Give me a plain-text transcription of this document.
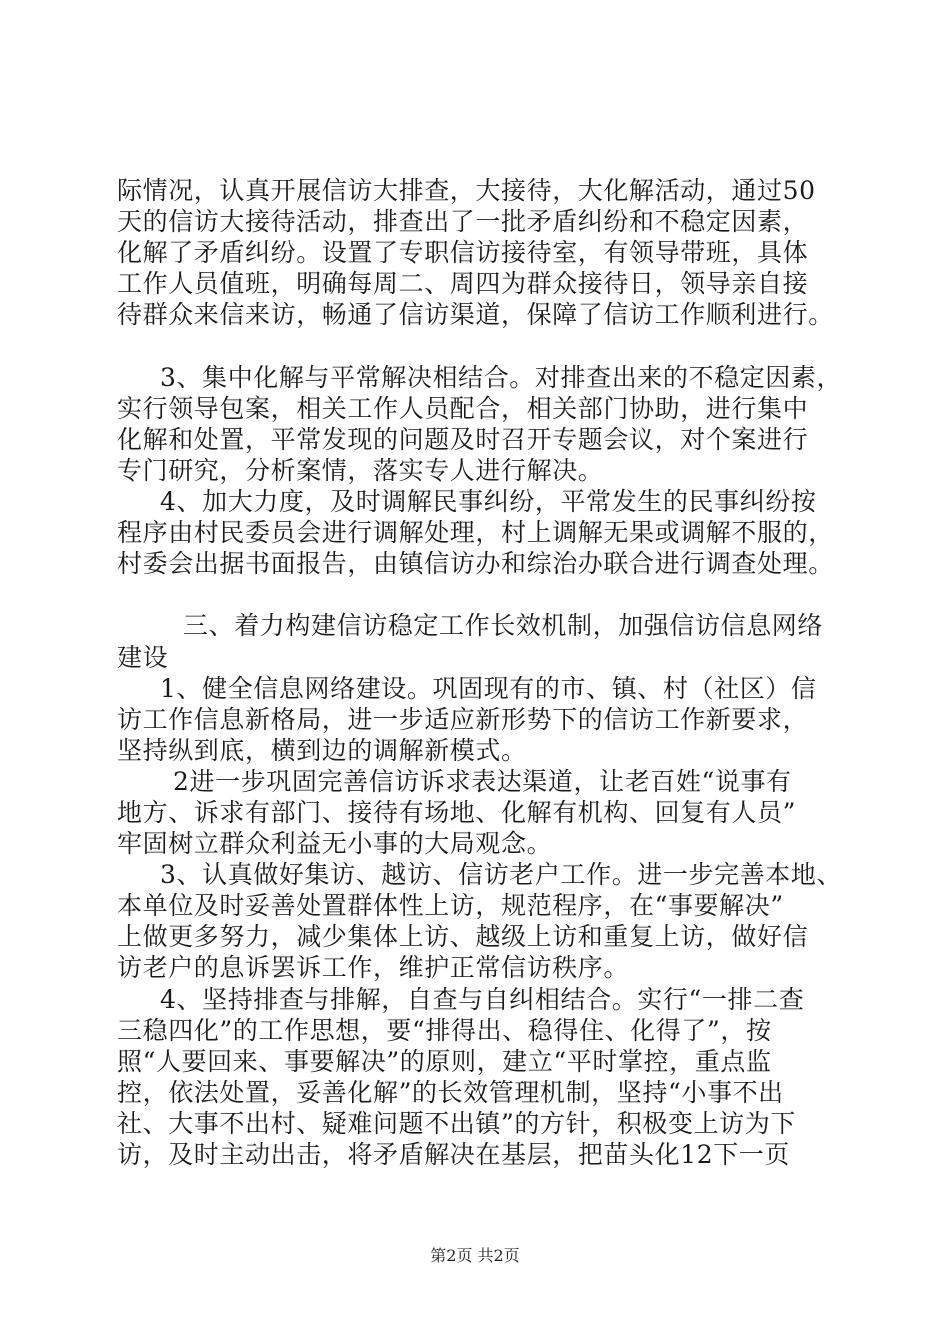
际情况，认真开展信访大排查，大接待，大化解活动，通过50
天的信访大接待活动，排查出了一批矛盾纠纷和不稳定因素，
化解了矛盾纠纷。设置了专职信访接待室，有领导带班，具体
工作人员值班，明确每周二、周四为群众接待日，领导亲自接
待群众来信来访，畅通了信访渠道，保障了信访工作顺利进行。
3、集中化解与平常解决相结合。对排查出来的不稳定因素，
实行领导包案，相关工作人员配合，相关部门协助，进行集中
化解和处置，平常发现的问题及时召开专题会议，对个案进行
专门研究，分析案情，落实专人进行解决。
4、加大力度，及时调解民事纠纷，平常发生的民事纠纷按
程序由村民委员会进行调解处理，村上调解无果或调解不服的，
村委会出据书面报告，由镇信访办和综治办联合进行调查处理。
三、着力构建信访稳定工作长效机制，加强信访信息网络
建设
1、健全信息网络建设。巩固现有的市、镇、村（社区）信
访工作信息新格局，进一步适应新形势下的信访工作新要求，
坚持纵到底，横到边的调解新模式。
2进一步巩固完善信访诉求表达渠道，让老百姓“说事有
地方、诉求有部门、接待有场地、化解有机构、回复有人员”
牢固树立群众利益无小事的大局观念。
3、认真做好集访、越访、信访老户工作。进一步完善本地、
本单位及时妥善处置群体性上访，规范程序，在“事要解决”
上做更多努力，减少集体上访、越级上访和重复上访，做好信
访老户的息诉罢诉工作，维护正常信访秩序。
4、坚持排查与排解，自查与自纠相结合。实行“一排二查
三稳四化”的工作思想，要“排得出、稳得住、化得了”，按
照“人要回来、事要解决”的原则，建立“平时掌控，重点监
控，依法处置，妥善化解”的长效管理机制，坚持“小事不出
社、大事不出村、疑难问题不出镇”的方针，积极变上访为下
访，及时主动出击，将矛盾解决在基层，把苗头化12下一页
第2页 共2页
